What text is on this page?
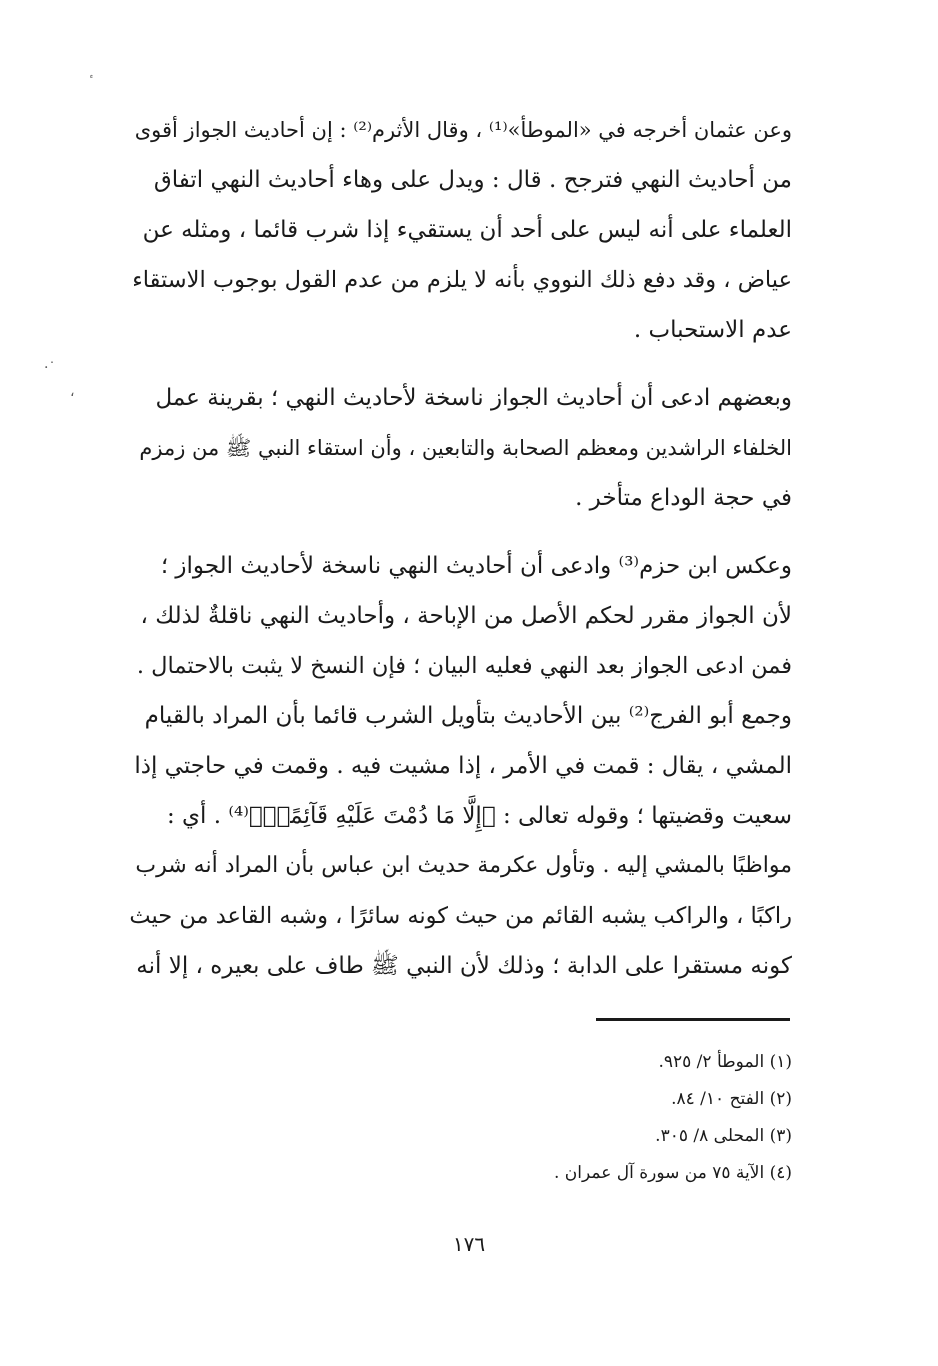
·˙
،

وعن عثمان أخرجه في «الموطأ»⁽¹⁾ ، وقال الأثرم⁽²⁾ : إن أحاديث الجواز أقوى
من أحاديث النهي فترجح . قال : ويدل على وهاء أحاديث النهي اتفاق
العلماء على أنه ليس على أحد أن يستقيء إذا شرب قائما ، ومثله عن
عياض ، وقد دفع ذلك النووي بأنه لا يلزم من عدم القول بوجوب الاستقاء
عدم الاستحباب .

وبعضهم ادعى أن أحاديث الجواز ناسخة لأحاديث النهي ؛ بقرينة عمل
الخلفاء الراشدين ومعظم الصحابة والتابعين ، وأن استقاء النبي ﷺ من زمزم
في حجة الوداع متأخر .

وعكس ابن حزم⁽³⁾ وادعى أن أحاديث النهي ناسخة لأحاديث الجواز ؛
لأن الجواز مقرر لحكم الأصل من الإباحة ، وأحاديث النهي ناقلةٌ لذلك ،
فمن ادعى الجواز بعد النهي فعليه البيان ؛ فإن النسخ لا يثبت بالاحتمال .
وجمع أبو الفرج⁽²⁾ بين الأحاديث بتأويل الشرب قائما بأن المراد بالقيام
المشي ، يقال : قمت في الأمر ، إذا مشيت فيه . وقمت في حاجتي إذا
سعيت وقضيتها ؛ وقوله تعالى : ﴿إِلَّا مَا دُمْتَ عَلَيْهِ قَآئِمًاۗ﴾⁽⁴⁾ . أي :
مواظبًا بالمشي إليه . وتأول عكرمة حديث ابن عباس بأن المراد أنه شرب
راكبًا ، والراكب يشبه القائم من حيث كونه سائرًا ، وشبه القاعد من حيث
كونه مستقرا على الدابة ؛ وذلك لأن النبي ﷺ طاف على بعيره ، إلا أنه

(١) الموطأ ٢/ ٩٢٥.
(٢) الفتح ١٠/ ٨٤.
(٣) المحلى ٨/ ٣٠٥.
(٤) الآية ٧٥ من سورة آل عمران .
١٧٦
